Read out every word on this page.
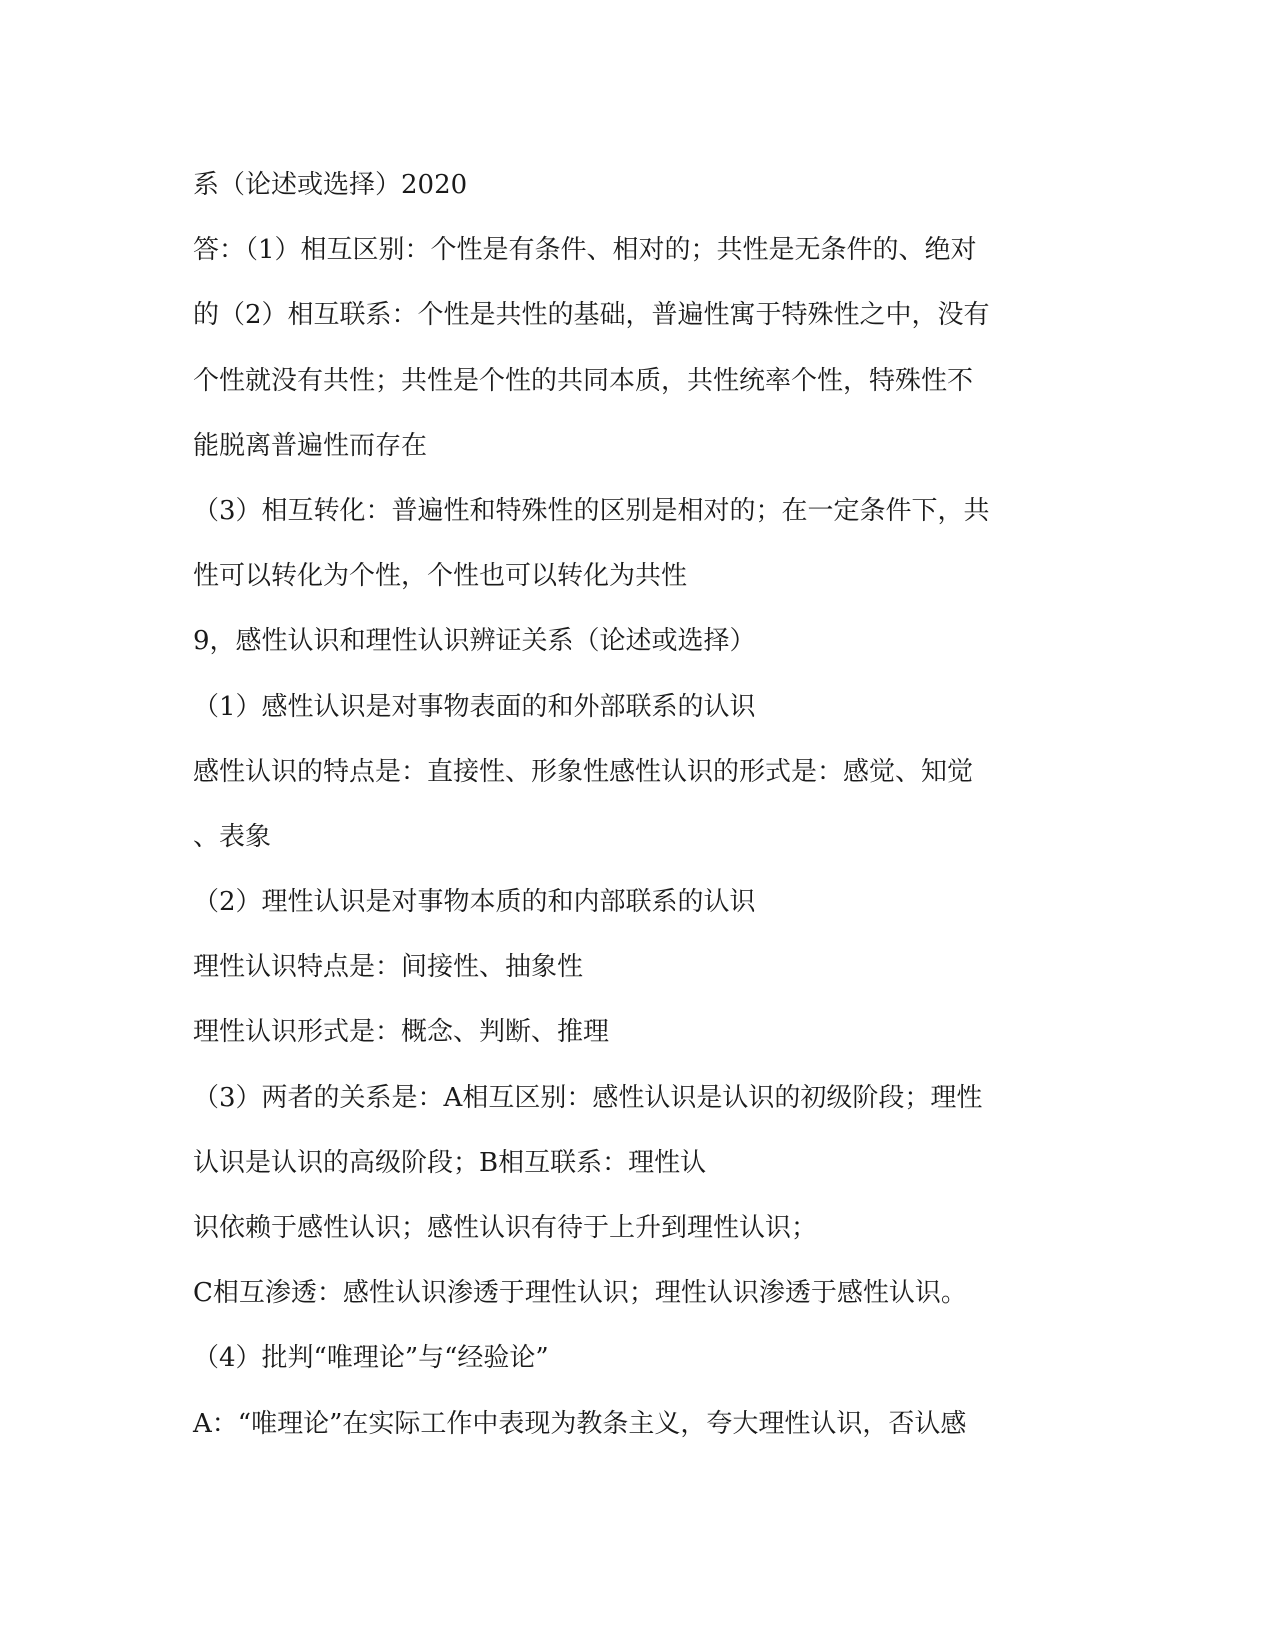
系（论述或选择）2020
答：（1）相互区别：个性是有条件、相对的；共性是无条件的、绝对
的（2）相互联系：个性是共性的基础，普遍性寓于特殊性之中，没有
个性就没有共性；共性是个性的共同本质，共性统率个性，特殊性不
能脱离普遍性而存在
（3）相互转化：普遍性和特殊性的区别是相对的；在一定条件下，共
性可以转化为个性，个性也可以转化为共性
9，感性认识和理性认识辨证关系（论述或选择）
（1）感性认识是对事物表面的和外部联系的认识
感性认识的特点是：直接性、形象性感性认识的形式是：感觉、知觉
、表象
（2）理性认识是对事物本质的和内部联系的认识
理性认识特点是：间接性、抽象性
理性认识形式是：概念、判断、推理
（3）两者的关系是：A相互区别：感性认识是认识的初级阶段；理性
认识是认识的高级阶段；B相互联系：理性认
识依赖于感性认识；感性认识有待于上升到理性认识；
C相互渗透：感性认识渗透于理性认识；理性认识渗透于感性认识。
（4）批判“唯理论”与“经验论”
A：“唯理论”在实际工作中表现为教条主义，夸大理性认识，否认感
